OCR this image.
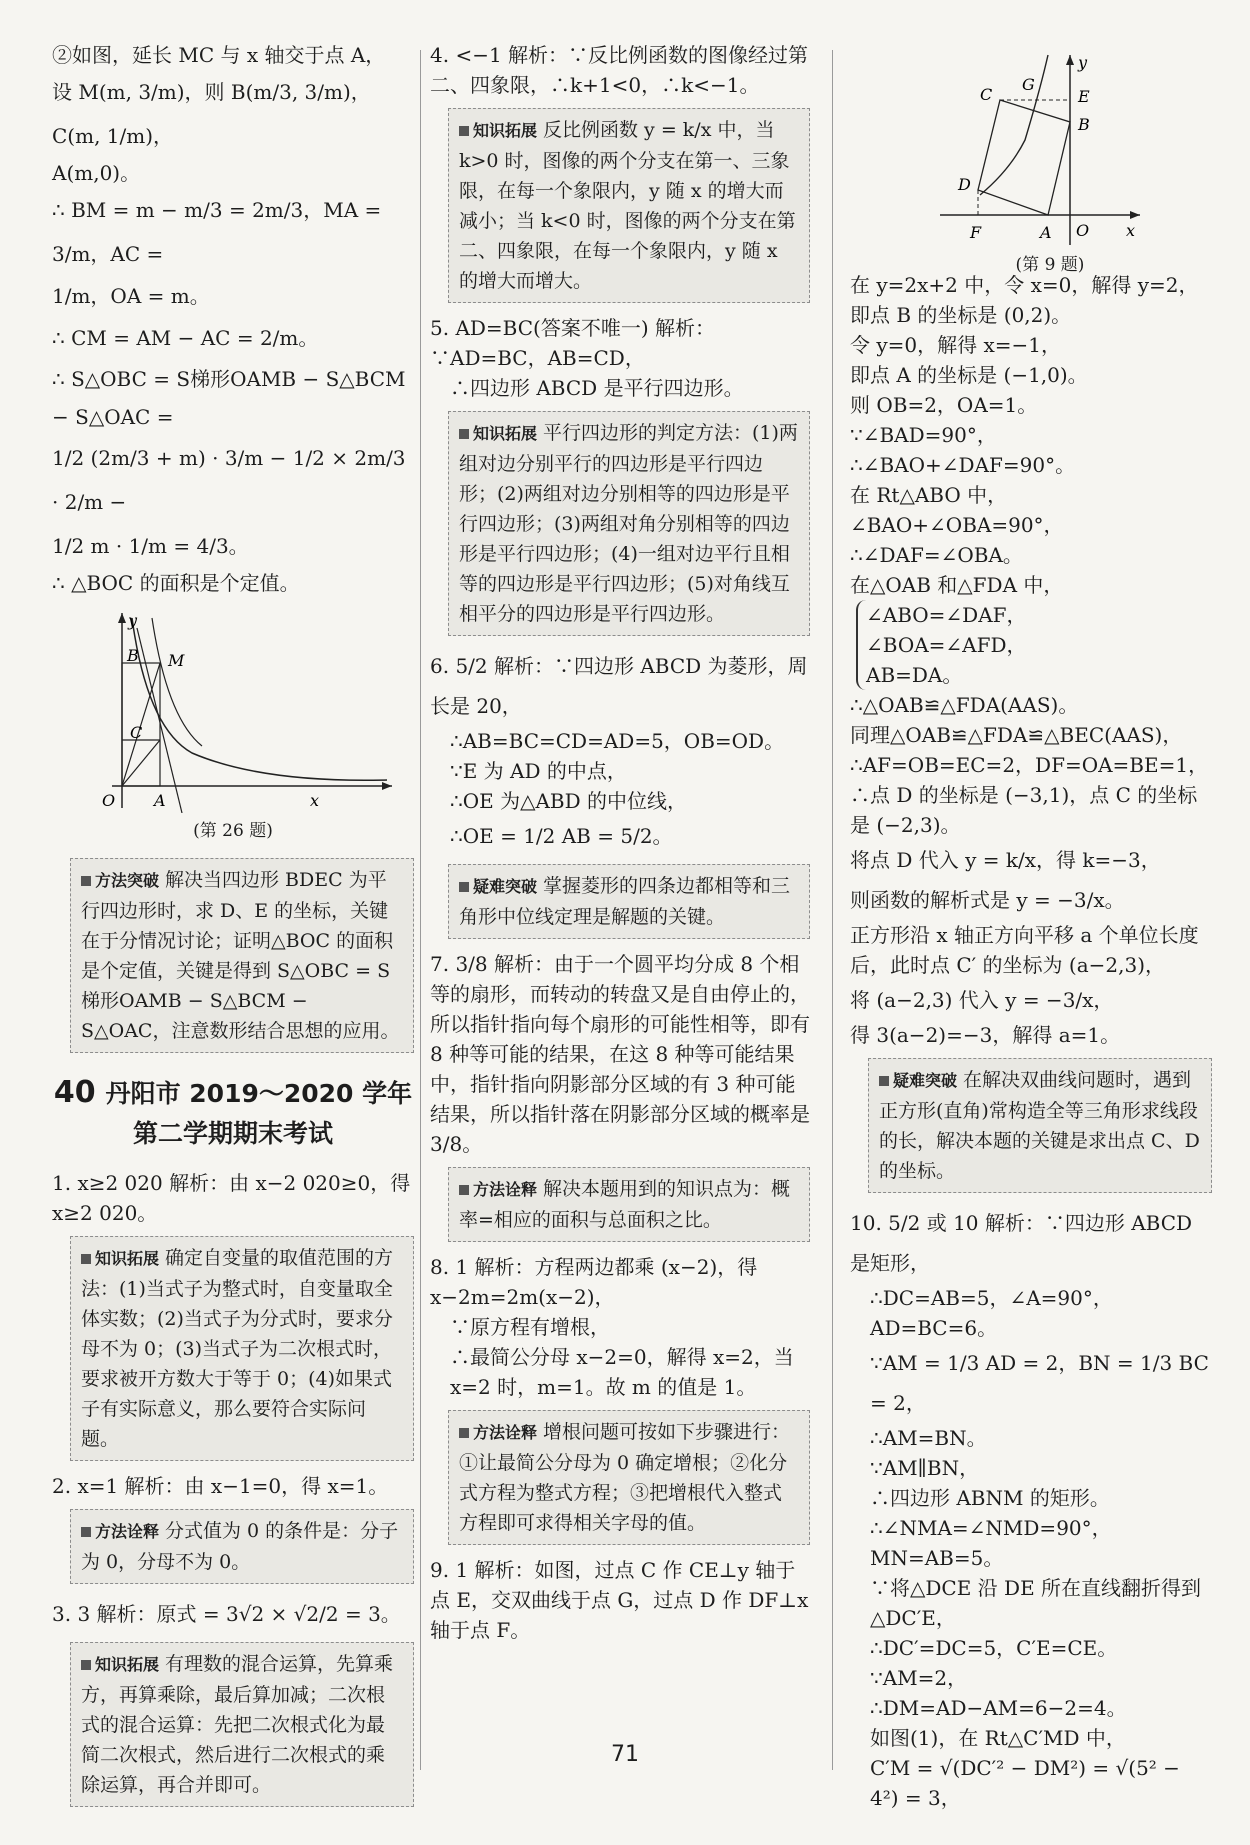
②如图，延长 MC 与 x 轴交于点 A，

设 M(m, 3/m)，则 B(m/3, 3/m)，C(m, 1/m)，

A(m,0)。

∴ BM = m − m/3 = 2m/3，MA = 3/m，AC =

1/m，OA = m。

∴ CM = AM − AC = 2/m。

∴ S△OBC = S梯形OAMB − S△BCM − S△OAC =

1/2 (2m/3 + m) · 3/m − 1/2 × 2m/3 · 2/m −

1/2 m · 1/m = 4/3。

∴ △BOC 的面积是个定值。

y
B M
C
O A	x
(第 26 题)
方法突破 解决当四边形 BDEC 为平行四边形时，求 D、E 的坐标，关键在于分情况讨论；证明△BOC 的面积是个定值，关键是得到 S△OBC = S梯形OAMB − S△BCM − S△OAC，注意数形结合思想的应用。
40 丹阳市 2019～2020 学年
第二学期期末考试

1. x≥2 020 解析：由 x−2 020≥0，得 x≥2 020。

知识拓展 确定自变量的取值范围的方法：(1)当式子为整式时，自变量取全体实数；(2)当式子为分式时，要求分母不为 0；(3)当式子为二次根式时，要求被开方数大于等于 0；(4)如果式子有实际意义，那么要符合实际问题。

2. x=1 解析：由 x−1=0，得 x=1。

方法诠释 分式值为 0 的条件是：分子为 0，分母不为 0。

3. 3 解析：原式 = 3√2 × √2/2 = 3。

知识拓展 有理数的混合运算，先算乘方，再算乘除，最后算加减；二次根式的混合运算：先把二次根式化为最简二次根式，然后进行二次根式的乘除运算，再合并即可。

4. <−1 解析：∵反比例函数的图像经过第二、四象限，∴k+1<0，∴k<−1。

知识拓展 反比例函数 y = k/x 中，当 k>0 时，图像的两个分支在第一、三象限，在每一个象限内，y 随 x 的增大而减小；当 k<0 时，图像的两个分支在第二、四象限，在每一个象限内，y 随 x 的增大而增大。

5. AD=BC(答案不唯一) 解析：∵AD=BC，AB=CD，

∴四边形 ABCD 是平行四边形。

知识拓展 平行四边形的判定方法：(1)两组对边分别平行的四边形是平行四边形；(2)两组对边分别相等的四边形是平行四边形；(3)两组对角分别相等的四边形是平行四边形；(4)一组对边平行且相等的四边形是平行四边形；(5)对角线互相平分的四边形是平行四边形。

6. 5/2 解析：∵四边形 ABCD 为菱形，周长是 20，

∴AB=BC=CD=AD=5，OB=OD。

∵E 为 AD 的中点，

∴OE 为△ABD 的中位线，

∴OE = 1/2 AB = 5/2。

疑难突破 掌握菱形的四条边都相等和三角形中位线定理是解题的关键。

7. 3/8 解析：由于一个圆平均分成 8 个相等的扇形，而转动的转盘又是自由停止的，所以指针指向每个扇形的可能性相等，即有 8 种等可能的结果，在这 8 种等可能结果中，指针指向阴影部分区域的有 3 种可能结果，所以指针落在阴影部分区域的概率是 3/8。

方法诠释 解决本题用到的知识点为：概率=相应的面积与总面积之比。

8. 1 解析：方程两边都乘 (x−2)，得 x−2m=2m(x−2)，

∵原方程有增根，

∴最简公分母 x−2=0，解得 x=2，当 x=2 时，m=1。故 m 的值是 1。

方法诠释 增根问题可按如下步骤进行：①让最简公分母为 0 确定增根；②化分式方程为整式方程；③把增根代入整式方程即可求得相关字母的值。

9. 1 解析：如图，过点 C 作 CE⊥y 轴于点 E，交双曲线于点 G，过点 D 作 DF⊥x 轴于点 F。

y
C
G
E
B
D
F	A O x
(第 9 题)

在 y=2x+2 中，令 x=0，解得 y=2，

即点 B 的坐标是 (0,2)。

令 y=0，解得 x=−1，

即点 A 的坐标是 (−1,0)。

则 OB=2，OA=1。

∵∠BAD=90°，

∴∠BAO+∠DAF=90°。

在 Rt△ABO 中，∠BAO+∠OBA=90°，

∴∠DAF=∠OBA。

在△OAB 和△FDA 中，

∠ABO=∠DAF，

∠BOA=∠AFD，

AB=DA。

∴△OAB≌△FDA(AAS)。

同理△OAB≌△FDA≌△BEC(AAS)，

∴AF=OB=EC=2，DF=OA=BE=1，

∴点 D 的坐标是 (−3,1)，点 C 的坐标是 (−2,3)。

将点 D 代入 y = k/x，得 k=−3，

则函数的解析式是 y = −3/x。

正方形沿 x 轴正方向平移 a 个单位长度后，此时点 C′ 的坐标为 (a−2,3)，

将 (a−2,3) 代入 y = −3/x，

得 3(a−2)=−3，解得 a=1。

疑难突破 在解决双曲线问题时，遇到正方形(直角)常构造全等三角形求线段的长，解决本题的关键是求出点 C、D 的坐标。

10. 5/2 或 10 解析：∵四边形 ABCD 是矩形，

∴DC=AB=5，∠A=90°，AD=BC=6。

∵AM = 1/3 AD = 2，BN = 1/3 BC = 2，

∴AM=BN。

∵AM∥BN，

∴四边形 ABNM 的矩形。

∴∠NMA=∠NMD=90°，MN=AB=5。

∵将△DCE 沿 DE 所在直线翻折得到△DC′E，

∴DC′=DC=5，C′E=CE。

∵AM=2，

∴DM=AD−AM=6−2=4。

如图(1)，在 Rt△C′MD 中，

C′M = √(DC′² − DM²) = √(5² − 4²) = 3，

71
